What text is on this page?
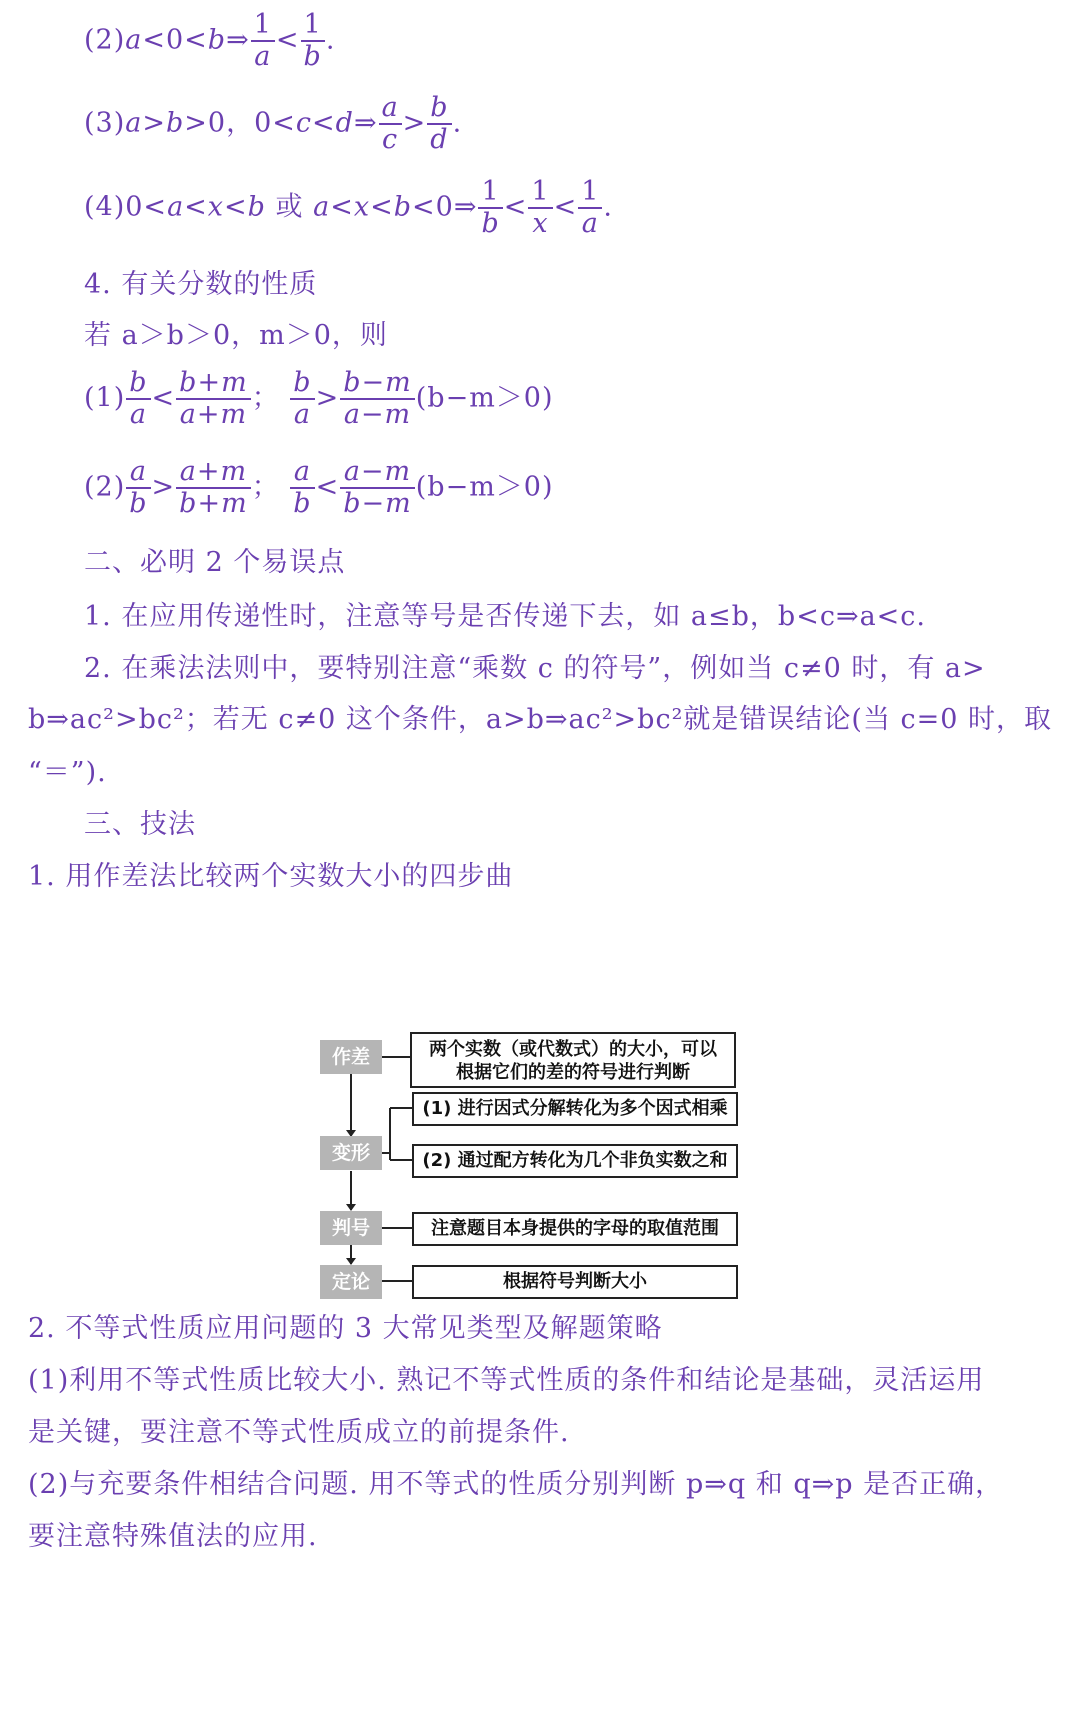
(2)a<0<b⇒ $\frac{1}{a} < \frac{1}{b}$ .
(3)a>b>0，0<c<d⇒ $\frac{a}{c} > \frac{b}{d}$ .
(4)0<a<x<b 或 a<x<b<0⇒ $\frac{1}{b} < \frac{1}{x} < \frac{1}{a}$ .
4. 有关分数的性质
若 a＞b＞0，m＞0，则
$(1) \frac{b}{a} < \frac{b+m}{a+m}$ ； $\frac{b}{a} > \frac{b-m}{a-m} (b-m>0)$
$(2) \frac{a}{b} > \frac{a+m}{b+m}$ ； $\frac{a}{b} < \frac{a-m}{b-m} (b-m>0)$
二、必明 2 个易误点
1. 在应用传递性时，注意等号是否传递下去，如 a≤b，b<c⇒a<c.
2. 在乘法法则中，要特别注意“乘数 c 的符号”，例如当 c≠0 时，有 a>
b⇒ac²>bc²；若无 c≠0 这个条件，a>b⇒ac²>bc²就是错误结论(当 c=0 时，取
“＝”).
三、技法
1. 用作差法比较两个实数大小的四步曲
作差
变形
判号
定论
两个实数（或代数式）的大小，可以
根据它们的差的符号进行判断
(1) 进行因式分解转化为多个因式相乘
(2) 通过配方转化为几个非负实数之和
注意题目本身提供的字母的取值范围
根据符号判断大小
2. 不等式性质应用问题的 3 大常见类型及解题策略
(1)利用不等式性质比较大小. 熟记不等式性质的条件和结论是基础，灵活运用
是关键，要注意不等式性质成立的前提条件.
(2)与充要条件相结合问题. 用不等式的性质分别判断 p⇒q 和 q⇒p 是否正确，
要注意特殊值法的应用.
